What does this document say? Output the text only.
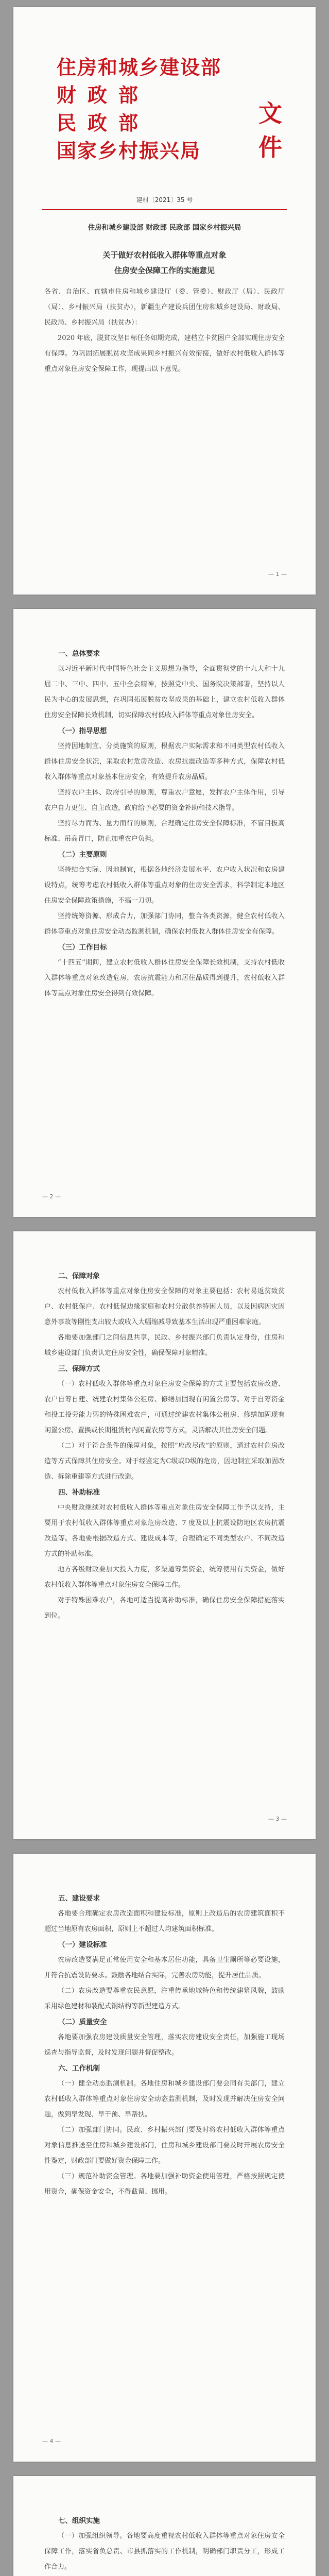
住房和城乡建设部
财政部
民政部
国家乡村振兴局
文件
建村〔2021〕35 号
住房和城乡建设部 财政部 民政部 国家乡村振兴局
关于做好农村低收入群体等重点对象
住房安全保障工作的实施意见

各省、自治区、直辖市住房和城乡建设厅（委、管委）、财政厅（局）、民政厅（局）、乡村振兴局（扶贫办），新疆生产建设兵团住房和城乡建设局、财政局、民政局、乡村振兴局（扶贫办）：

2020 年底，脱贫攻坚目标任务如期完成，建档立卡贫困户全部实现住房安全有保障。为巩固拓展脱贫攻坚成果同乡村振兴有效衔接，做好农村低收入群体等重点对象住房安全保障工作，现提出以下意见。

— 1 —

一、总体要求

以习近平新时代中国特色社会主义思想为指导，全面贯彻党的十九大和十九届二中、三中、四中、五中全会精神，按照党中央、国务院决策部署，坚持以人民为中心的发展思想，在巩固拓展脱贫攻坚成果的基础上，建立农村低收入群体住房安全保障长效机制，切实保障农村低收入群体等重点对象住房安全。

（一）指导思想

坚持因地制宜、分类施策的原则，根据农户实际需求和不同类型农村低收入群体住房安全状况，采取农村危房改造、农房抗震改造等多种方式，保障农村低收入群体等重点对象基本住房安全，有效提升农房品质。

坚持农户主体、政府引导的原则，尊重农户意愿，发挥农户主体作用，引导农户自力更生、自主改造，政府给予必要的资金补助和技术指导。

坚持尽力而为、量力而行的原则，合理确定住房安全保障标准，不盲目拔高标准、吊高胃口，防止加重农户负担。

（二）主要原则

坚持结合实际、因地制宜，根据各地经济发展水平、农户收入状况和农房建设特点，统筹考虑农村低收入群体等重点对象的住房安全需求，科学制定本地区住房安全保障政策措施，不搞一刀切。

坚持统筹资源、形成合力，加强部门协同，整合各类资源，健全农村低收入群体等重点对象住房安全动态监测机制，确保农村低收入群体住房安全有保障。

（三）工作目标

“十四五”期间，建立农村低收入群体住房安全保障长效机制，支持农村低收入群体等重点对象改造危房，农房抗震能力和居住品质得到提升，农村低收入群体等重点对象住房安全得到有效保障。

— 2 —

二、保障对象

农村低收入群体等重点对象住房安全保障的对象主要包括：农村易返贫致贫户、农村低保户、农村低保边缘家庭和农村分散供养特困人员，以及因病因灾因意外事故等刚性支出较大或收入大幅缩减导致基本生活出现严重困难家庭。

各地要加强部门之间信息共享，民政、乡村振兴部门负责认定身份，住房和城乡建设部门负责认定住房安全性，确保保障对象精准。

三、保障方式

（一）农村低收入群体等重点对象住房安全保障的方式主要包括农房改造、农户自筹自建、统建农村集体公租房、修缮加固现有闲置公房等。对于自筹资金和投工投劳能力弱的特殊困难农户，可通过统建农村集体公租房、修缮加固现有闲置公房、置换或长期租赁村内闲置农房等方式，灵活解决其住房安全问题。

（二）对于符合条件的保障对象，按照“应改尽改”的原则，通过农村危房改造等方式保障其住房安全。对于经鉴定为C级或D级的危房，因地制宜采取加固改造、拆除重建等方式进行改造。

四、补助标准

中央财政继续对农村低收入群体等重点对象住房安全保障工作予以支持，主要用于农村低收入群体等重点对象危房改造、7 度及以上抗震设防地区农房抗震改造等。各地要根据改造方式、建设成本等，合理确定不同类型农户、不同改造方式的补助标准。

地方各级财政要加大投入力度，多渠道筹集资金，统筹使用有关资金，做好农村低收入群体等重点对象住房安全保障工作。

对于特殊困难农户，各地可适当提高补助标准，确保住房安全保障措施落实到位。

— 3 —

五、建设要求

各地要合理确定农房改造面积和建设标准，原则上改造后的农房建筑面积不超过当地原有农房面积，原则上不超过人均建筑面积标准。

（一）建设标准

农房改造要满足正常使用安全和基本居住功能，具备卫生厕所等必要设施，并符合抗震设防要求。鼓励各地结合实际，完善农房功能，提升居住品质。

（二）农房改造要尊重农民意愿，注重传承地域特色和传统建筑风貌，鼓励采用绿色建材和装配式钢结构等新型建造方式。

（二）质量安全

各地要加强农房建设质量安全管理，落实农房建设安全责任，加强施工现场巡查与指导监督，及时发现问题并督促整改。

六、工作机制

（一）健全动态监测机制。各地住房和城乡建设部门要会同有关部门，建立农村低收入群体等重点对象住房安全动态监测机制，及时发现并解决住房安全问题，做到早发现、早干预、早帮扶。

（二）加强部门协同。民政、乡村振兴部门要及时将农村低收入群体等重点对象信息推送至住房和城乡建设部门，住房和城乡建设部门要及时开展农房安全性鉴定，财政部门要做好资金保障工作。

（三）规范补助资金管理。各地要加强补助资金使用管理，严格按照规定使用资金，确保资金安全，不得截留、挪用。

— 4 —

七、组织实施

（一）加强组织领导。各地要高度重视农村低收入群体等重点对象住房安全保障工作，落实省负总责、市县抓落实的工作机制，明确部门职责分工，形成工作合力。
